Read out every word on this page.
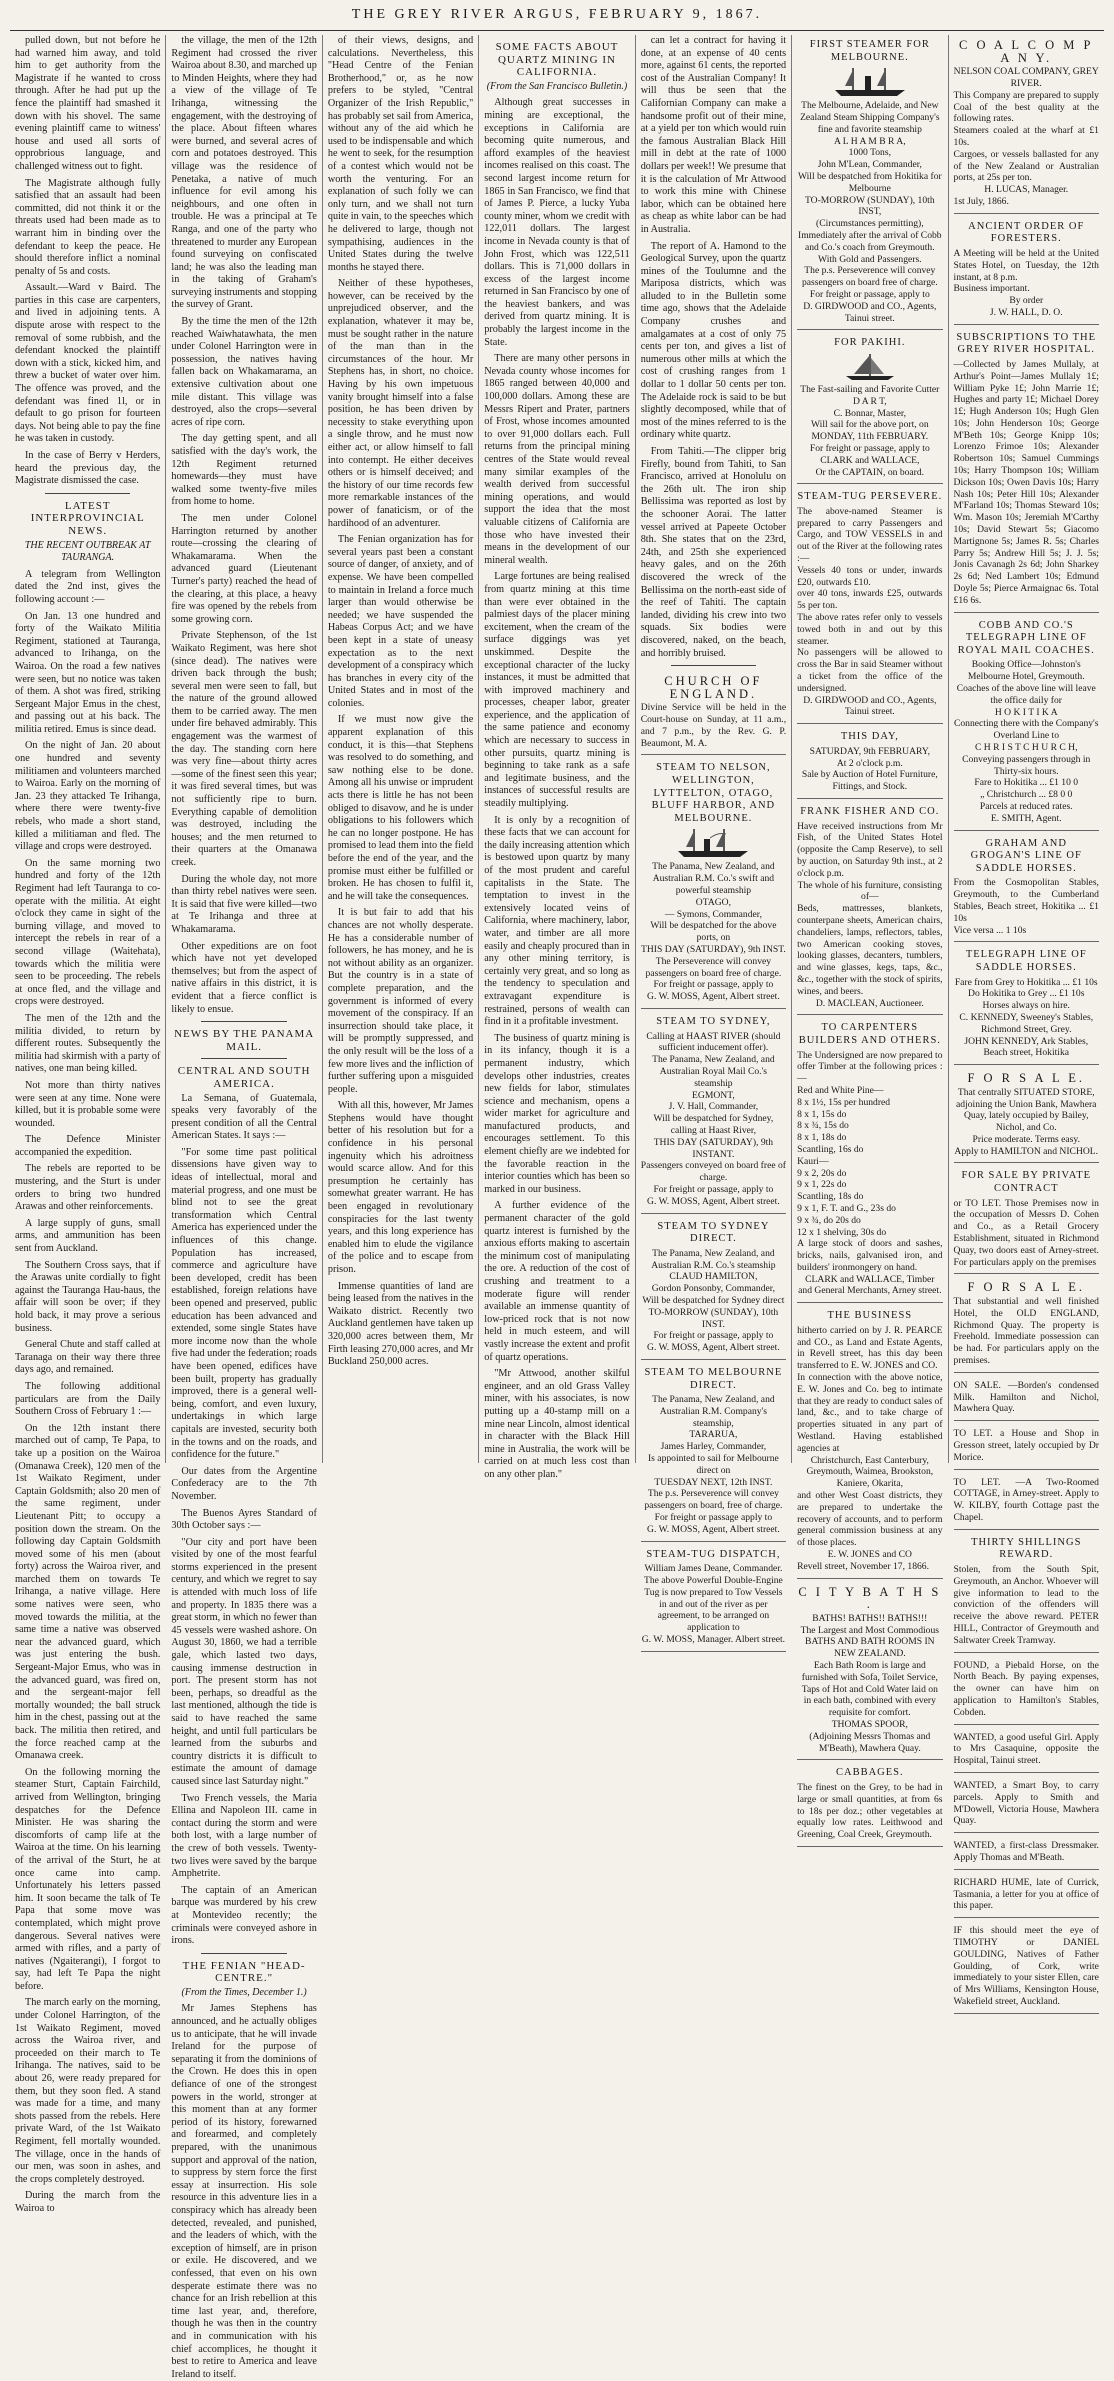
THE GREY RIVER ARGUS, FEBRUARY 9, 1867.

pulled down, but not before he had warned him away, and told him to get authority from the Magistrate if he wanted to cross through. After he had put up the fence the plaintiff had smashed it down with his shovel. The same evening plaintiff came to witness' house and used all sorts of opprobrious language, and challenged witness out to fight.

The Magistrate although fully satisfied that an assault had been committed, did not think it or the threats used had been made as to warrant him in binding over the defendant to keep the peace. He should therefore inflict a nominal penalty of 5s and costs.

Assault.—Ward v Baird. The parties in this case are carpenters, and lived in adjoining tents. A dispute arose with respect to the removal of some rubbish, and the defendant knocked the plaintiff down with a stick, kicked him, and threw a bucket of water over him. The offence was proved, and the defendant was fined 1l, or in default to go prison for fourteen days. Not being able to pay the fine he was taken in custody.

In the case of Berry v Herders, heard the previous day, the Magistrate dismissed the case.

LATEST INTERPROVINCIAL NEWS.
THE RECENT OUTBREAK AT TAURANGA.

A telegram from Wellington dated the 2nd inst, gives the following account :—

On Jan. 13 one hundred and forty of the Waikato Militia Regiment, stationed at Tauranga, advanced to Irihanga, on the Wairoa. On the road a few natives were seen, but no notice was taken of them. A shot was fired, striking Sergeant Major Emus in the chest, and passing out at his back. The militia retired. Emus is since dead.

On the night of Jan. 20 about one hundred and seventy militiamen and volunteers marched to Wairoa. Early on the morning of Jan. 23 they attacked Te Irihanga, where there were twenty-five rebels, who made a short stand, killed a militiaman and fled. The village and crops were destroyed.

On the same morning two hundred and forty of the 12th Regiment had left Tauranga to co-operate with the militia. At eight o'clock they came in sight of the burning village, and moved to intercept the rebels in rear of a second village (Waitehata), towards which the militia were seen to be proceeding. The rebels at once fled, and the village and crops were destroyed.

The men of the 12th and the militia divided, to return by different routes. Subsequently the militia had skirmish with a party of natives, one man being killed.

Not more than thirty natives were seen at any time. None were killed, but it is probable some were wounded.

The Defence Minister accompanied the expedition.

The rebels are reported to be mustering, and the Sturt is under orders to bring two hundred Arawas and other reinforcements.

A large supply of guns, small arms, and ammunition has been sent from Auckland.

The Southern Cross says, that if the Arawas unite cordially to fight against the Tauranga Hau-haus, the affair will soon be over; if they hold back, it may prove a serious business.

General Chute and staff called at Taranaga on their way there three days ago, and remained.

The following additional particulars are from the Daily Southern Cross of February 1 :—

On the 12th instant there marched out of camp, Te Papa, to take up a position on the Wairoa (Omanawa Creek), 120 men of the 1st Waikato Regiment, under Captain Goldsmith; also 20 men of the same regiment, under Lieutenant Pitt; to occupy a position down the stream. On the following day Captain Goldsmith moved some of his men (about forty) across the Wairoa river, and marched them on towards Te Irihanga, a native village. Here some natives were seen, who moved towards the militia, at the same time a native was observed near the advanced guard, which was just entering the bush. Sergeant-Major Emus, who was in the advanced guard, was fired on, and the sergeant-major fell mortally wounded; the ball struck him in the chest, passing out at the back. The militia then retired, and the force reached camp at the Omanawa creek.

On the following morning the steamer Sturt, Captain Fairchild, arrived from Wellington, bringing despatches for the Defence Minister. He was sharing the discomforts of camp life at the Wairoa at the time. On his learning of the arrival of the Sturt, he at once came into camp. Unfortunately his letters passed him. It soon became the talk of Te Papa that some move was contemplated, which might prove dangerous. Several natives were armed with rifles, and a party of natives (Ngaiterangi), I forgot to say, had left Te Papa the night before.

The march early on the morning, under Colonel Harrington, of the 1st Waikato Regiment, moved across the Wairoa river, and proceeded on their march to Te Irihanga. The natives, said to be about 26, were ready prepared for them, but they soon fled. A stand was made for a time, and many shots passed from the rebels. Here private Ward, of the 1st Waikato Regiment, fell mortally wounded. The village, once in the hands of our men, was soon in ashes, and the crops completely destroyed.

During the march from the Wairoa to

the village, the men of the 12th Regiment had crossed the river Wairoa about 8.30, and marched up to Minden Heights, where they had a view of the village of Te Irihanga, witnessing the engagement, with the destroying of the place. About fifteen whares were burned, and several acres of corn and potatoes destroyed. This village was the residence of Penetaka, a native of much influence for evil among his neighbours, and one often in trouble. He was a principal at Te Ranga, and one of the party who threatened to murder any European found surveying on confiscated land; he was also the leading man in the taking of Graham's surveying instruments and stopping the survey of Grant.

By the time the men of the 12th reached Waiwhatawhata, the men under Colonel Harrington were in possession, the natives having fallen back on Whakamarama, an extensive cultivation about one mile distant. This village was destroyed, also the crops—several acres of ripe corn.

The day getting spent, and all satisfied with the day's work, the 12th Regiment returned homewards—they must have walked some twenty-five miles from home to home.

The men under Colonel Harrington returned by another route—crossing the clearing of Whakamarama. When the advanced guard (Lieutenant Turner's party) reached the head of the clearing, at this place, a heavy fire was opened by the rebels from some growing corn.

Private Stephenson, of the 1st Waikato Regiment, was here shot (since dead). The natives were driven back through the bush; several men were seen to fall, but the nature of the ground allowed them to be carried away. The men under fire behaved admirably. This engagement was the warmest of the day. The standing corn here was very fine—about thirty acres—some of the finest seen this year; it was fired several times, but was not sufficiently ripe to burn. Everything capable of demolition was destroyed, including the houses; and the men returned to their quarters at the Omanawa creek.

During the whole day, not more than thirty rebel natives were seen. It is said that five were killed—two at Te Irihanga and three at Whakamarama.

Other expeditions are on foot which have not yet developed themselves; but from the aspect of native affairs in this district, it is evident that a fierce conflict is likely to ensue.

NEWS BY THE PANAMA MAIL.
CENTRAL AND SOUTH AMERICA.

La Semana, of Guatemala, speaks very favorably of the present condition of all the Central American States. It says :—

"For some time past political dissensions have given way to ideas of intellectual, moral and material progress, and one must be blind not to see the great transformation which Central America has experienced under the influences of this change. Population has increased, commerce and agriculture have been developed, credit has been established, foreign relations have been opened and preserved, public education has been advanced and extended, some single States have more income now than the whole five had under the federation; roads have been opened, edifices have been built, property has gradually improved, there is a general well-being, comfort, and even luxury, undertakings in which large capitals are invested, security both in the towns and on the roads, and confidence for the future."

Our dates from the Argentine Confederacy are to the 7th November.

The Buenos Ayres Standard of 30th October says :—

"Our city and port have been visited by one of the most fearful storms experienced in the present century, and which we regret to say is attended with much loss of life and property. In 1835 there was a great storm, in which no fewer than 45 vessels were washed ashore. On August 30, 1860, we had a terrible gale, which lasted two days, causing immense destruction in port. The present storm has not been, perhaps, so dreadful as the last mentioned, although the tide is said to have reached the same height, and until full particulars be learned from the suburbs and country districts it is difficult to estimate the amount of damage caused since last Saturday night."

Two French vessels, the Maria Ellina and Napoleon III. came in contact during the storm and were both lost, with a large number of the crew of both vessels. Twenty-two lives were saved by the barque Amphetrite.

The captain of an American barque was murdered by his crew at Montevideo recently; the criminals were conveyed ashore in irons.

THE FENIAN "HEAD-CENTRE."
(From the Times, December 1.)

Mr James Stephens has announced, and he actually obliges us to anticipate, that he will invade Ireland for the purpose of separating it from the dominions of the Crown. He does this in open defiance of one of the strongest powers in the world, stronger at this moment than at any former period of its history, forewarned and forearmed, and completely prepared, with the unanimous support and approval of the nation, to suppress by stern force the first essay at insurrection. His sole resource in this adventure lies in a conspiracy which has already been detected, revealed, and punished, and the leaders of which, with the exception of himself, are in prison or exile. He discovered, and we confessed, that even on his own desperate estimate there was no chance for an Irish rebellion at this time last year, and, therefore, though he was then in the country and in communication with his chief accomplices, he thought it best to retire to America and leave Ireland to itself.

of their views, designs, and calculations. Nevertheless, this "Head Centre of the Fenian Brotherhood," or, as he now prefers to be styled, "Central Organizer of the Irish Republic," has probably set sail from America, without any of the aid which he used to be indispensable and which he went to seek, for the resumption of a contest which would not be worth the venturing. For an explanation of such folly we can only turn, and we shall not turn quite in vain, to the speeches which he delivered to large, though not sympathising, audiences in the United States during the twelve months he stayed there.

Neither of these hypotheses, however, can be received by the unprejudiced observer, and the explanation, whatever it may be, must be sought rather in the nature of the man than in the circumstances of the hour. Mr Stephens has, in short, no choice. Having by his own impetuous vanity brought himself into a false position, he has been driven by necessity to stake everything upon a single throw, and he must now either act, or allow himself to fall into contempt. He either deceives others or is himself deceived; and the history of our time records few more remarkable instances of the power of fanaticism, or of the hardihood of an adventurer.

The Fenian organization has for several years past been a constant source of danger, of anxiety, and of expense. We have been compelled to maintain in Ireland a force much larger than would otherwise be needed; we have suspended the Habeas Corpus Act; and we have been kept in a state of uneasy expectation as to the next development of a conspiracy which has branches in every city of the United States and in most of the colonies.

If we must now give the apparent explanation of this conduct, it is this—that Stephens was resolved to do something, and saw nothing else to be done. Among all his unwise or imprudent acts there is little he has not been obliged to disavow, and he is under obligations to his followers which he can no longer postpone. He has promised to lead them into the field before the end of the year, and the promise must either be fulfilled or broken. He has chosen to fulfil it, and he will take the consequences.

It is but fair to add that his chances are not wholly desperate. He has a considerable number of followers, he has money, and he is not without ability as an organizer. But the country is in a state of complete preparation, and the government is informed of every movement of the conspiracy. If an insurrection should take place, it will be promptly suppressed, and the only result will be the loss of a few more lives and the infliction of further suffering upon a misguided people.

With all this, however, Mr James Stephens would have thought better of his resolution but for a confidence in his personal ingenuity which his adroitness would scarce allow. And for this presumption he certainly has somewhat greater warrant. He has been engaged in revolutionary conspiracies for the last twenty years, and this long experience has enabled him to elude the vigilance of the police and to escape from prison.

Immense quantities of land are being leased from the natives in the Waikato district. Recently two Auckland gentlemen have taken up 320,000 acres between them, Mr Firth leasing 270,000 acres, and Mr Buckland 250,000 acres.

SOME FACTS ABOUT QUARTZ MINING IN CALIFORNIA.
(From the San Francisco Bulletin.)

Although great successes in mining are exceptional, the exceptions in California are becoming quite numerous, and afford examples of the heaviest incomes realised on this coast. The second largest income return for 1865 in San Francisco, we find that of James P. Pierce, a lucky Yuba county miner, whom we credit with 122,011 dollars. The largest income in Nevada county is that of John Frost, which was 122,511 dollars. This is 71,000 dollars in excess of the largest income returned in San Francisco by one of the heaviest bankers, and was derived from quartz mining. It is probably the largest income in the State.

There are many other persons in Nevada county whose incomes for 1865 ranged between 40,000 and 100,000 dollars. Among these are Messrs Ripert and Prater, partners of Frost, whose incomes amounted to over 91,000 dollars each. Full returns from the principal mining centres of the State would reveal many similar examples of the wealth derived from successful mining operations, and would support the idea that the most valuable citizens of California are those who have invested their means in the development of our mineral wealth.

Large fortunes are being realised from quartz mining at this time than were ever obtained in the palmiest days of the placer mining excitement, when the cream of the surface diggings was yet unskimmed. Despite the exceptional character of the lucky instances, it must be admitted that with improved machinery and processes, cheaper labor, greater experience, and the application of the same patience and economy which are necessary to success in other pursuits, quartz mining is beginning to take rank as a safe and legitimate business, and the instances of successful results are steadily multiplying.

It is only by a recognition of these facts that we can account for the daily increasing attention which is bestowed upon quartz by many of the most prudent and careful capitalists in the State. The temptation to invest in the extensively located veins of California, where machinery, labor, water, and timber are all more easily and cheaply procured than in any other mining territory, is certainly very great, and so long as the tendency to speculation and extravagant expenditure is restrained, persons of wealth can find in it a profitable investment.

The business of quartz mining is in its infancy, though it is a permanent industry, which develops other industries, creates new fields for labor, stimulates science and mechanism, opens a wider market for agriculture and manufactured products, and encourages settlement. To this element chiefly are we indebted for the favorable reaction in the interior counties which has been so marked in our business.

A further evidence of the permanent character of the gold quartz interest is furnished by the anxious efforts making to ascertain the minimum cost of manipulating the ore. A reduction of the cost of crushing and treatment to a moderate figure will render available an immense quantity of low-priced rock that is not now held in much esteem, and will vastly increase the extent and profit of quartz operations.

"Mr Attwood, another skilful engineer, and an old Grass Valley miner, with his associates, is now putting up a 40-stamp mill on a mine near Lincoln, almost identical in character with the Black Hill mine in Australia, the work will be carried on at much less cost than on any other plan."

can let a contract for having it done, at an expense of 40 cents more, against 61 cents, the reported cost of the Australian Company! It will thus be seen that the Californian Company can make a handsome profit out of their mine, at a yield per ton which would ruin the famous Australian Black Hill mill in debt at the rate of 1000 dollars per week!! We presume that it is the calculation of Mr Attwood to work this mine with Chinese labor, which can be obtained here as cheap as white labor can be had in Australia.

The report of A. Hamond to the Geological Survey, upon the quartz mines of the Toulumne and the Mariposa districts, which was alluded to in the Bulletin some time ago, shows that the Adelaide Company crushes and amalgamates at a cost of only 75 cents per ton, and gives a list of numerous other mills at which the cost of crushing ranges from 1 dollar to 1 dollar 50 cents per ton. The Adelaide rock is said to be but slightly decomposed, while that of most of the mines referred to is the ordinary white quartz.

From Tahiti.—The clipper brig Firefly, bound from Tahiti, to San Francisco, arrived at Honolulu on the 26th ult. The iron ship Bellissima was reported as lost by the schooner Aorai. The latter vessel arrived at Papeete October 8th. She states that on the 23rd, 24th, and 25th she experienced heavy gales, and on the 26th discovered the wreck of the Bellissima on the north-east side of the reef of Tahiti. The captain landed, dividing his crew into two squads. Six bodies were discovered, naked, on the beach, and horribly bruised.

CHURCH OF ENGLAND.
Divine Service will be held in the Court-house on Sunday, at 11 a.m., and 7 p.m., by the Rev. G. P. Beaumont, M. A.
STEAM TO NELSON, WELLINGTON, LYTTELTON, OTAGO, BLUFF HARBOR, AND MELBOURNE.
The Panama, New Zealand, and Australian R.M. Co.'s swift and powerful steamship
OTAGO,
— Symons, Commander,
Will be despatched for the above ports, on
THIS DAY (SATURDAY), 9th INST.
The Perseverence will convey passengers on board free of charge.
For freight or passage, apply to
G. W. MOSS, Agent, Albert street.
STEAM TO SYDNEY,
Calling at HAAST RIVER (should sufficient inducement offer).
The Panama, New Zealand, and Australian Royal Mail Co.'s steamship
EGMONT,
J. V. Hall, Commander,
Will be despatched for Sydney, calling at Haast River,
THIS DAY (SATURDAY), 9th INSTANT.
Passengers conveyed on board free of charge.
For freight or passage, apply to
G. W. MOSS, Agent, Albert street.
STEAM TO SYDNEY DIRECT.
The Panama, New Zealand, and Australian R.M. Co.'s steamship
CLAUD HAMILTON,
Gordon Ponsonby, Commander,
Will be despatched for Sydney direct
TO-MORROW (SUNDAY), 10th INST.
For freight or passage, apply to
G. W. MOSS, Agent, Albert street.
STEAM TO MELBOURNE DIRECT.
The Panama, New Zealand, and Australian R.M. Company's steamship,
TARARUA,
James Harley, Commander,
Is appointed to sail for Melbourne direct on
TUESDAY NEXT, 12th INST.
The p.s. Perseverence will convey passengers on board, free of charge.
For freight or passage apply to
G. W. MOSS, Agent, Albert street.
STEAM-TUG DISPATCH,
William James Deane, Commander.
The above Powerful Double-Engine Tug is now prepared to Tow Vessels in and out of the river as per agreement, to be arranged on application to
G. W. MOSS, Manager. Albert street.
FIRST STEAMER FOR MELBOURNE.
The Melbourne, Adelaide, and New Zealand Steam Shipping Company's fine and favorite steamship
A L H A M B R A,
1000 Tons,
John M'Lean, Commander,
Will be despatched from Hokitika for Melbourne
TO-MORROW (SUNDAY), 10th INST,
(Circumstances permitting),
Immediately after the arrival of Cobb and Co.'s coach from Greymouth.
With Gold and Passengers.
The p.s. Perseverence will convey passengers on board free of charge.
For freight or passage, apply to
D. GIRDWOOD and CO., Agents, Tainui street.
FOR PAKIHI.
The Fast-sailing and Favorite Cutter
D A R T,
C. Bonnar, Master,
Will sail for the above port, on
MONDAY, 11th FEBRUARY.
For freight or passage, apply to
CLARK and WALLACE,
Or the CAPTAIN, on board.
STEAM-TUG PERSEVERE.
The above-named Steamer is prepared to carry Passengers and Cargo, and TOW VESSELS in and out of the River at the following rates :—
Vessels 40 tons or under, inwards £20, outwards £10.
over 40 tons, inwards £25, outwards 5s per ton.
The above rates refer only to vessels towed both in and out by this steamer.
No passengers will be allowed to cross the Bar in said Steamer without a ticket from the office of the undersigned.
D. GIRDWOOD and CO., Agents, Tainui street.
THIS DAY,
SATURDAY, 9th FEBRUARY,
At 2 o'clock p.m.
Sale by Auction of Hotel Furniture, Fittings, and Stock.
FRANK FISHER AND CO.
Have received instructions from Mr Fish, of the United States Hotel (opposite the Camp Reserve), to sell by auction, on Saturday 9th inst., at 2 o'clock p.m.
The whole of his furniture, consisting of—
Beds, mattresses, blankets, counterpane sheets, American chairs, chandeliers, lamps, reflectors, tables, two American cooking stoves, looking glasses, decanters, tumblers, and wine glasses, kegs, taps, &c., &c., together with the stock of spirits, wines, and beers.
D. MACLEAN, Auctioneer.
TO CARPENTERS BUILDERS AND OTHERS.
The Undersigned are now prepared to offer Timber at the following prices :—
Red and White Pine—
8 x 1½, 15s per hundred
8 x 1, 15s do
8 x ¾, 15s do
8 x 1, 18s do
Scantling, 16s do
Kauri—
9 x 2, 20s do
9 x 1, 22s do
Scantling, 18s do
9 x 1, F. T. and G., 23s do
9 x ¾, do 20s do
12 x 1 shelving, 30s do
A large stock of doors and sashes, bricks, nails, galvanised iron, and builders' ironmongery on hand.
CLARK and WALLACE, Timber and General Merchants, Arney street.
THE BUSINESS
hitherto carried on by J. R. PEARCE and CO., as Land and Estate Agents, in Revell street, has this day been transferred to E. W. JONES and CO.
In connection with the above notice, E. W. Jones and Co. beg to intimate that they are ready to conduct sales of land, &c., and to take charge of properties situated in any part of Westland. Having established agencies at
Christchurch, East Canterbury, Greymouth, Waimea, Brookston, Kaniere, Okarita,
and other West Coast districts, they are prepared to undertake the recovery of accounts, and to perform general commission business at any of those places.
E. W. JONES and CO
Revell street, November 17, 1866.
C I T Y B A T H S .
BATHS! BATHS!! BATHS!!!
The Largest and Most Commodious
BATHS AND BATH ROOMS IN NEW ZEALAND.
Each Bath Room is large and furnished with Sofa, Toilet Service, Taps of Hot and Cold Water laid on in each bath, combined with every requisite for comfort.
THOMAS SPOOR,
(Adjoining Messrs Thomas and M'Beath), Mawhera Quay.
CABBAGES.
The finest on the Grey, to be had in large or small quantities, at from 6s to 18s per doz.; other vegetables at equally low rates. Leithwood and Greening, Coal Creek, Greymouth.
C O A L C O M P A N Y.
NELSON COAL COMPANY, GREY RIVER.
This Company are prepared to supply Coal of the best quality at the following rates.
Steamers coaled at the wharf at £1 10s.
Cargoes, or vessels ballasted for any of the New Zealand or Australian ports, at 25s per ton.
H. LUCAS, Manager.
1st July, 1866.
ANCIENT ORDER OF FORESTERS.
A Meeting will be held at the United States Hotel, on Tuesday, the 12th instant, at 8 p.m.
Business important.
By order
J. W. HALL, D. O.
SUBSCRIPTIONS TO THE GREY RIVER HOSPITAL.
—Collected by James Mullaly, at Arthur's Point—James Mullaly 1£; William Pyke 1£; John Marrie 1£; Hughes and party 1£; Michael Dorey 1£; Hugh Anderson 10s; Hugh Glen 10s; John Henderson 10s; George M'Beth 10s; George Knipp 10s; Lorenzo Frimoe 10s; Alexander Robertson 10s; Samuel Cummings 10s; Harry Thompson 10s; William Dickson 10s; Owen Davis 10s; Harry Nash 10s; Peter Hill 10s; Alexander M'Farland 10s; Thomas Steward 10s; Wm. Mason 10s; Jeremiah M'Carthy 10s; David Stewart 5s; Giacomo Martignone 5s; James R. 5s; Charles Parry 5s; Andrew Hill 5s; J. J. 5s; Jonis Cavanagh 2s 6d; John Sharkey 2s 6d; Ned Lambert 10s; Edmund Doyle 5s; Pierce Armaignac 6s. Total £16 6s.
COBB AND CO.'S TELEGRAPH LINE OF ROYAL MAIL COACHES.
Booking Office—Johnston's Melbourne Hotel, Greymouth.
Coaches of the above line will leave the office daily for
H O K I T I K A
Connecting there with the Company's Overland Line to
C H R I S T C H U R C H,
Conveying passengers through in Thirty-six hours.
Fare to Hokitika ... £1 10 0
„ Christchurch ... £8 0 0
Parcels at reduced rates.
E. SMITH, Agent.
GRAHAM AND GROGAN'S LINE OF SADDLE HORSES.
From the Cosmopolitan Stables, Greymouth, to the Cumberland Stables, Beach street, Hokitika ... £1 10s
Vice versa ... 1 10s
TELEGRAPH LINE OF SADDLE HORSES.
Fare from Grey to Hokitika ... £1 10s
Do Hokitika to Grey ... £1 10s
Horses always on hire.
C. KENNEDY, Sweeney's Stables, Richmond Street, Grey.
JOHN KENNEDY, Ark Stables, Beach street, Hokitika
F O R S A L E.
That centrally SITUATED STORE, adjoining the Union Bank, Mawhera Quay, lately occupied by Bailey, Nichol, and Co.
Price moderate. Terms easy.
Apply to HAMILTON and NICHOL.
FOR SALE BY PRIVATE CONTRACT
or TO LET. Those Premises now in the occupation of Messrs D. Cohen and Co., as a Retail Grocery Establishment, situated in Richmond Quay, two doors east of Arney-street. For particulars apply on the premises
F O R S A L E.
That substantial and well finished Hotel, the OLD ENGLAND, Richmond Quay. The property is Freehold. Immediate possession can be had. For particulars apply on the premises.
ON SALE. —Borden's condensed Milk. Hamilton and Nichol, Mawhera Quay.
TO LET. a House and Shop in Gresson street, lately occupied by Dr Morice.
TO LET. —A Two-Roomed COTTAGE, in Arney-street. Apply to W. KILBY, fourth Cottage past the Chapel.
THIRTY SHILLINGS REWARD.
Stolen, from the South Spit, Greymouth, an Anchor. Whoever will give information to lead to the conviction of the offenders will receive the above reward. PETER HILL, Contractor of Greymouth and Saltwater Creek Tramway.
FOUND, a Piebald Horse, on the North Beach. By paying expenses, the owner can have him on application to Hamilton's Stables, Cobden.
WANTED, a good useful Girl. Apply to Mrs Casaquine, opposite the Hospital, Tainui street.
WANTED, a Smart Boy, to carry parcels. Apply to Smith and M'Dowell, Victoria House, Mawhera Quay.
WANTED, a first-class Dressmaker. Apply Thomas and M'Beath.
RICHARD HUME, late of Currick, Tasmania, a letter for you at office of this paper.
IF this should meet the eye of TIMOTHY or DANIEL GOULDING, Natives of Father Goulding, of Cork, write immediately to your sister Ellen, care of Mrs Williams, Kensington House, Wakefield street, Auckland.
